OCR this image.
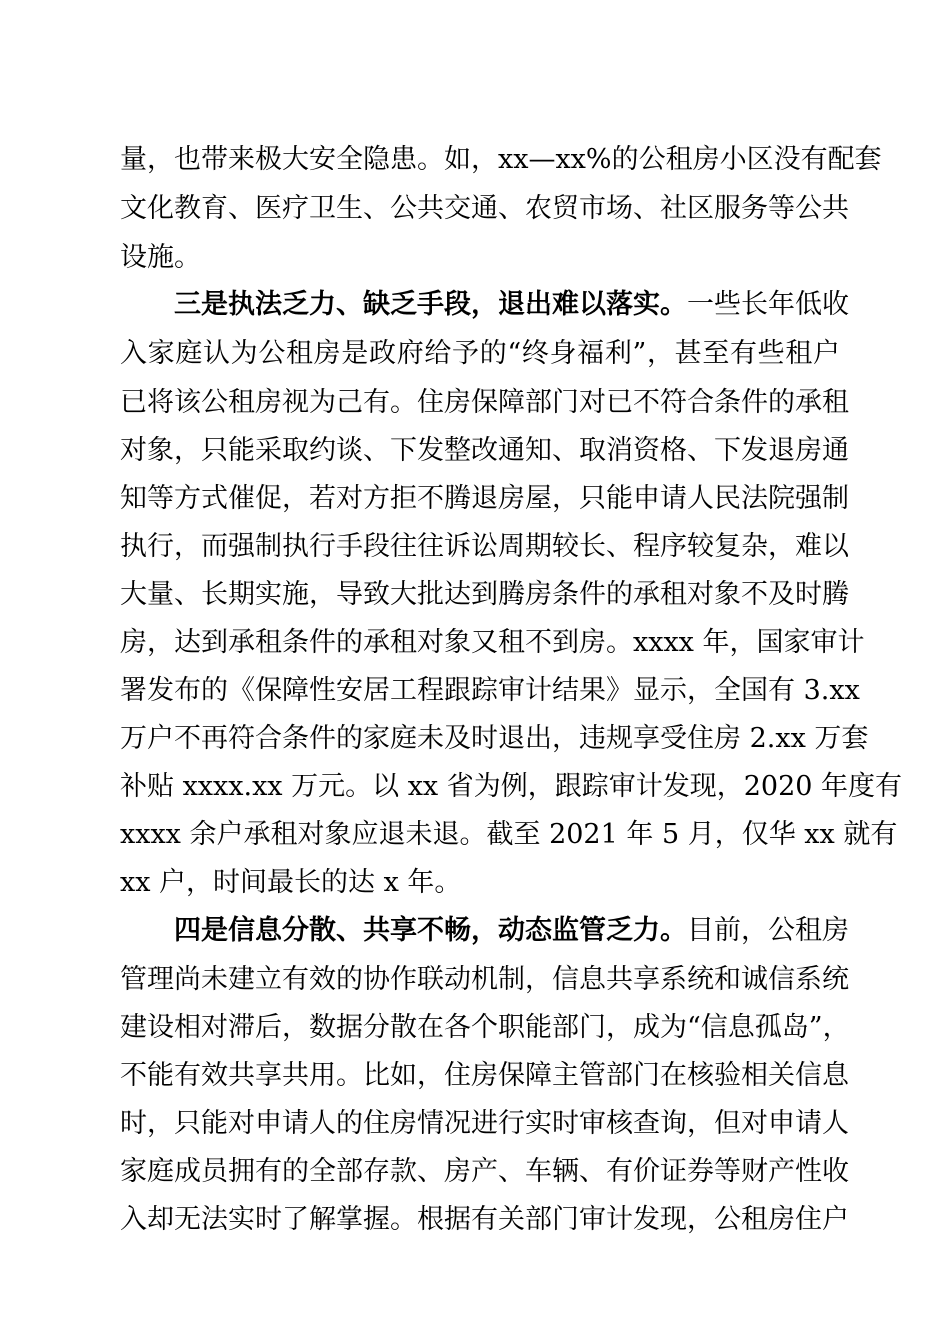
量，也带来极大安全隐患。如，xx—xx%的公租房小区没有配套
文化教育、医疗卫生、公共交通、农贸市场、社区服务等公共
设施。
三是执法乏力、缺乏手段，退出难以落实。一些长年低收
入家庭认为公租房是政府给予的“终身福利”，甚至有些租户
已将该公租房视为己有。住房保障部门对已不符合条件的承租
对象，只能采取约谈、下发整改通知、取消资格、下发退房通
知等方式催促，若对方拒不腾退房屋，只能申请人民法院强制
执行，而强制执行手段往往诉讼周期较长、程序较复杂，难以
大量、长期实施，导致大批达到腾房条件的承租对象不及时腾
房，达到承租条件的承租对象又租不到房。xxxx 年，国家审计
署发布的《保障性安居工程跟踪审计结果》显示，全国有 3.xx
万户不再符合条件的家庭未及时退出，违规享受住房 2.xx 万套
补贴 xxxx.xx 万元。以 xx 省为例，跟踪审计发现，2020 年度有
xxxx 余户承租对象应退未退。截至 2021 年 5 月，仅华 xx 就有
xx 户，时间最长的达 x 年。
四是信息分散、共享不畅，动态监管乏力。目前，公租房
管理尚未建立有效的协作联动机制，信息共享系统和诚信系统
建设相对滞后，数据分散在各个职能部门，成为“信息孤岛”，
不能有效共享共用。比如，住房保障主管部门在核验相关信息
时，只能对申请人的住房情况进行实时审核查询，但对申请人
家庭成员拥有的全部存款、房产、车辆、有价证券等财产性收
入却无法实时了解掌握。根据有关部门审计发现，公租房住户
